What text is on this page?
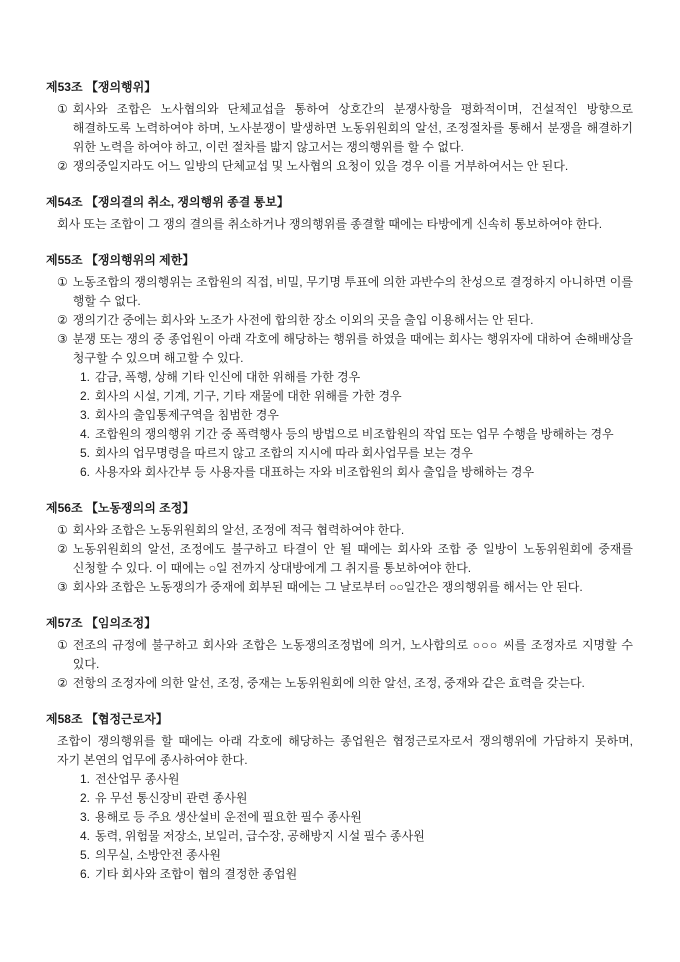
제53조 【쟁의행위】
① 회사와 조합은 노사협의와 단체교섭을 통하여 상호간의 분쟁사항을 평화적이며, 건설적인 방향으로 해결하도록 노력하여야 하며, 노사분쟁이 발생하면 노동위원회의 알선, 조정절차를 통해서 분쟁을 해결하기 위한 노력을 하여야 하고, 이런 절차를 밟지 않고서는 쟁의행위를 할 수 없다.
② 쟁의중일지라도 어느 일방의 단체교섭 및 노사협의 요청이 있을 경우 이를 거부하여서는 안 된다.
제54조 【쟁의결의 취소, 쟁의행위 종결 통보】

회사 또는 조합이 그 쟁의 결의를 취소하거나 쟁의행위를 종결할 때에는 타방에게 신속히 통보하여야 한다.

제55조 【쟁의행위의 제한】
① 노동조합의 쟁의행위는 조합원의 직접, 비밀, 무기명 투표에 의한 과반수의 찬성으로 결정하지 아니하면 이를 행할 수 없다.
② 쟁의기간 중에는 회사와 노조가 사전에 합의한 장소 이외의 곳을 출입 이용해서는 안 된다.
③ 분쟁 또는 쟁의 중 종업원이 아래 각호에 해당하는 행위를 하였을 때에는 회사는 행위자에 대하여 손해배상을 청구할 수 있으며 해고할 수 있다.
1. 감금, 폭행, 상해 기타 인신에 대한 위해를 가한 경우
2. 회사의 시설, 기계, 기구, 기타 재물에 대한 위해를 가한 경우
3. 회사의 출입통제구역을 침범한 경우
4. 조합원의 쟁의행위 기간 중 폭력행사 등의 방법으로 비조합원의 작업 또는 업무 수행을 방해하는 경우
5. 회사의 업무명령을 따르지 않고 조합의 지시에 따라 회사업무를 보는 경우
6. 사용자와 회사간부 등 사용자를 대표하는 자와 비조합원의 회사 출입을 방해하는 경우
제56조 【노동쟁의의 조정】
① 회사와 조합은 노동위원회의 알선, 조정에 적극 협력하여야 한다.
② 노동위원회의 알선, 조정에도 불구하고 타결이 안 될 때에는 회사와 조합 중 일방이 노동위원회에 중재를 신청할 수 있다. 이 때에는 ○일 전까지 상대방에게 그 취지를 통보하여야 한다.
③ 회사와 조합은 노동쟁의가 중재에 회부된 때에는 그 날로부터 ○○일간은 쟁의행위를 해서는 안 된다.
제57조 【임의조정】
① 전조의 규정에 불구하고 회사와 조합은 노동쟁의조정법에 의거, 노사합의로 ○○○ 씨를 조정자로 지명할 수 있다.
② 전항의 조정자에 의한 알선, 조정, 중재는 노동위원회에 의한 알선, 조정, 중재와 같은 효력을 갖는다.
제58조 【협정근로자】

조합이 쟁의행위를 할 때에는 아래 각호에 해당하는 종업원은 협정근로자로서 쟁의행위에 가담하지 못하며, 자기 본연의 업무에 종사하여야 한다.

1. 전산업무 종사원
2. 유 무선 통신장비 관련 종사원
3. 용해로 등 주요 생산설비 운전에 필요한 필수 종사원
4. 동력, 위험물 저장소, 보일러, 급수장, 공해방지 시설 필수 종사원
5. 의무실, 소방안전 종사원
6. 기타 회사와 조합이 협의 결정한 종업원
